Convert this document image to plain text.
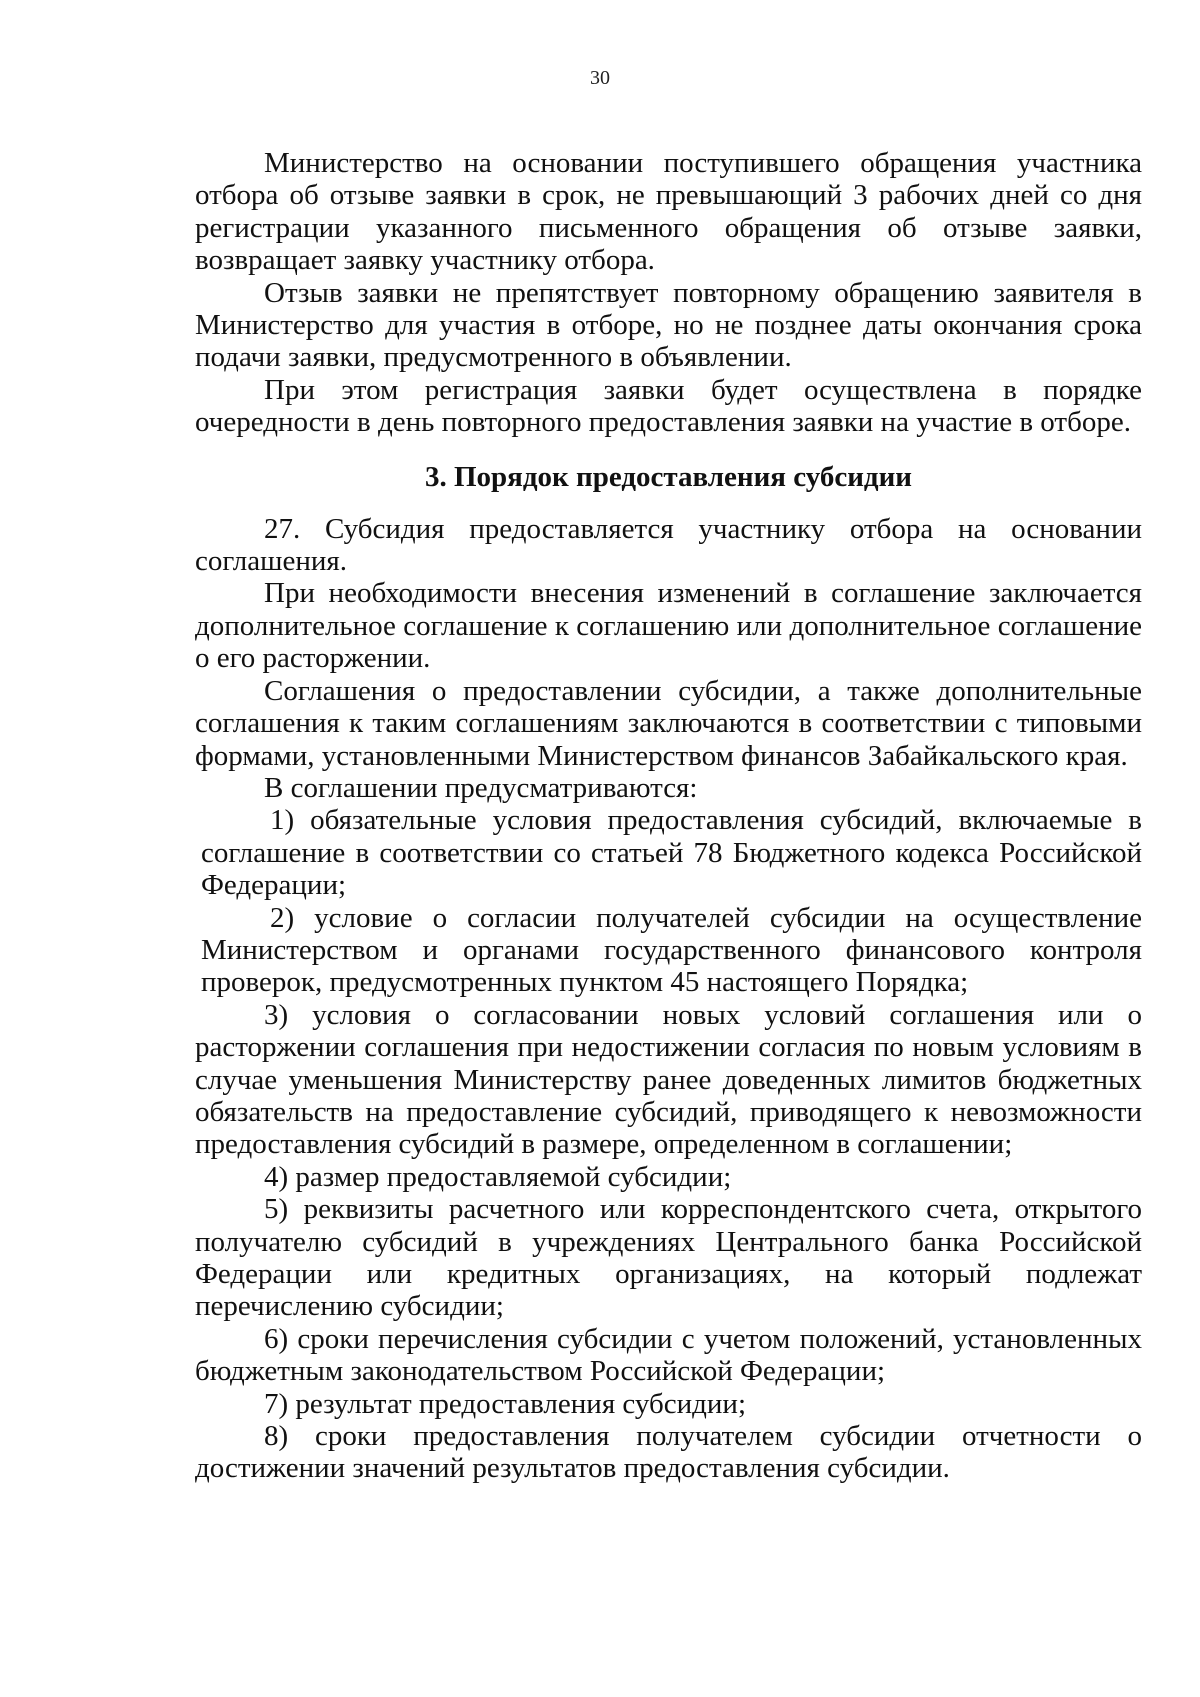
30

Министерство на основании поступившего обращения участника отбора об отзыве заявки в срок, не превышающий 3 рабочих дней со дня регистрации указанного письменного обращения об отзыве заявки, возвращает заявку участнику отбора.

Отзыв заявки не препятствует повторному обращению заявителя в Министерство для участия в отборе, но не позднее даты окончания срока подачи заявки, предусмотренного в объявлении.

При этом регистрация заявки будет осуществлена в порядке очередности в день повторного предоставления заявки на участие в отборе.

3. Порядок предоставления субсидии

27. Субсидия предоставляется участнику отбора на основании соглашения.

При необходимости внесения изменений в соглашение заключается дополнительное соглашение к соглашению или дополнительное соглашение о его расторжении.

Соглашения о предоставлении субсидии, а также дополнительные соглашения к таким соглашениям заключаются в соответствии с типовыми формами, установленными Министерством финансов Забайкальского края.

В соглашении предусматриваются:

1) обязательные условия предоставления субсидий, включаемые в соглашение в соответствии со статьей 78 Бюджетного кодекса Российской Федерации;

2) условие о согласии получателей субсидии на осуществление Министерством и органами государственного финансового контроля проверок, предусмотренных пунктом 45 настоящего Порядка;

3) условия о согласовании новых условий соглашения или о расторжении соглашения при недостижении согласия по новым условиям в случае уменьшения Министерству ранее доведенных лимитов бюджетных обязательств на предоставление субсидий, приводящего к невозможности предоставления субсидий в размере, определенном в соглашении;

4) размер предоставляемой субсидии;

5) реквизиты расчетного или корреспондентского счета, открытого получателю субсидий в учреждениях Центрального банка Российской Федерации или кредитных организациях, на который подлежат перечислению субсидии;

6) сроки перечисления субсидии с учетом положений, установленных бюджетным законодательством Российской Федерации;

7) результат предоставления субсидии;

8) сроки предоставления получателем субсидии отчетности о достижении значений результатов предоставления субсидии.
